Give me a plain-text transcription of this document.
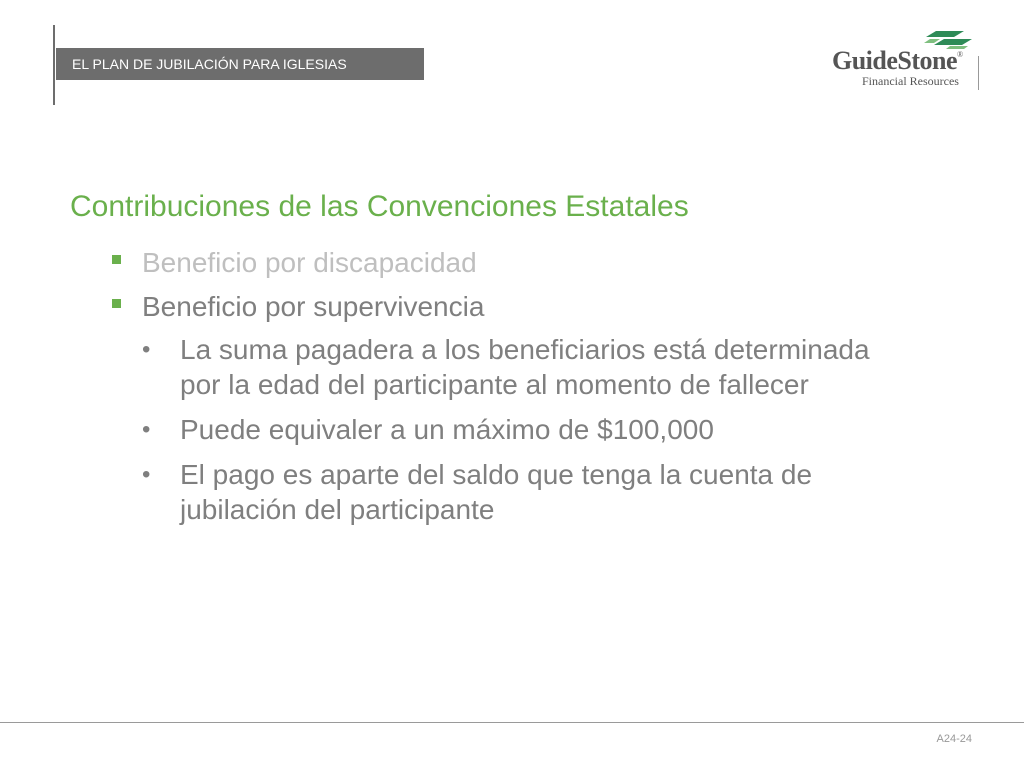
EL PLAN DE JUBILACIÓN PARA IGLESIAS	GuideStone®
Financial Resources
Contribuciones de las Convenciones Estatales
Beneficio por discapacidad
Beneficio por supervivencia
• La suma pagadera a los beneficiarios está determinada por la edad del participante al momento de fallecer
• Puede equivaler a un máximo de $100,000
• El pago es aparte del saldo que tenga la cuenta de jubilación del participante
A24-24
